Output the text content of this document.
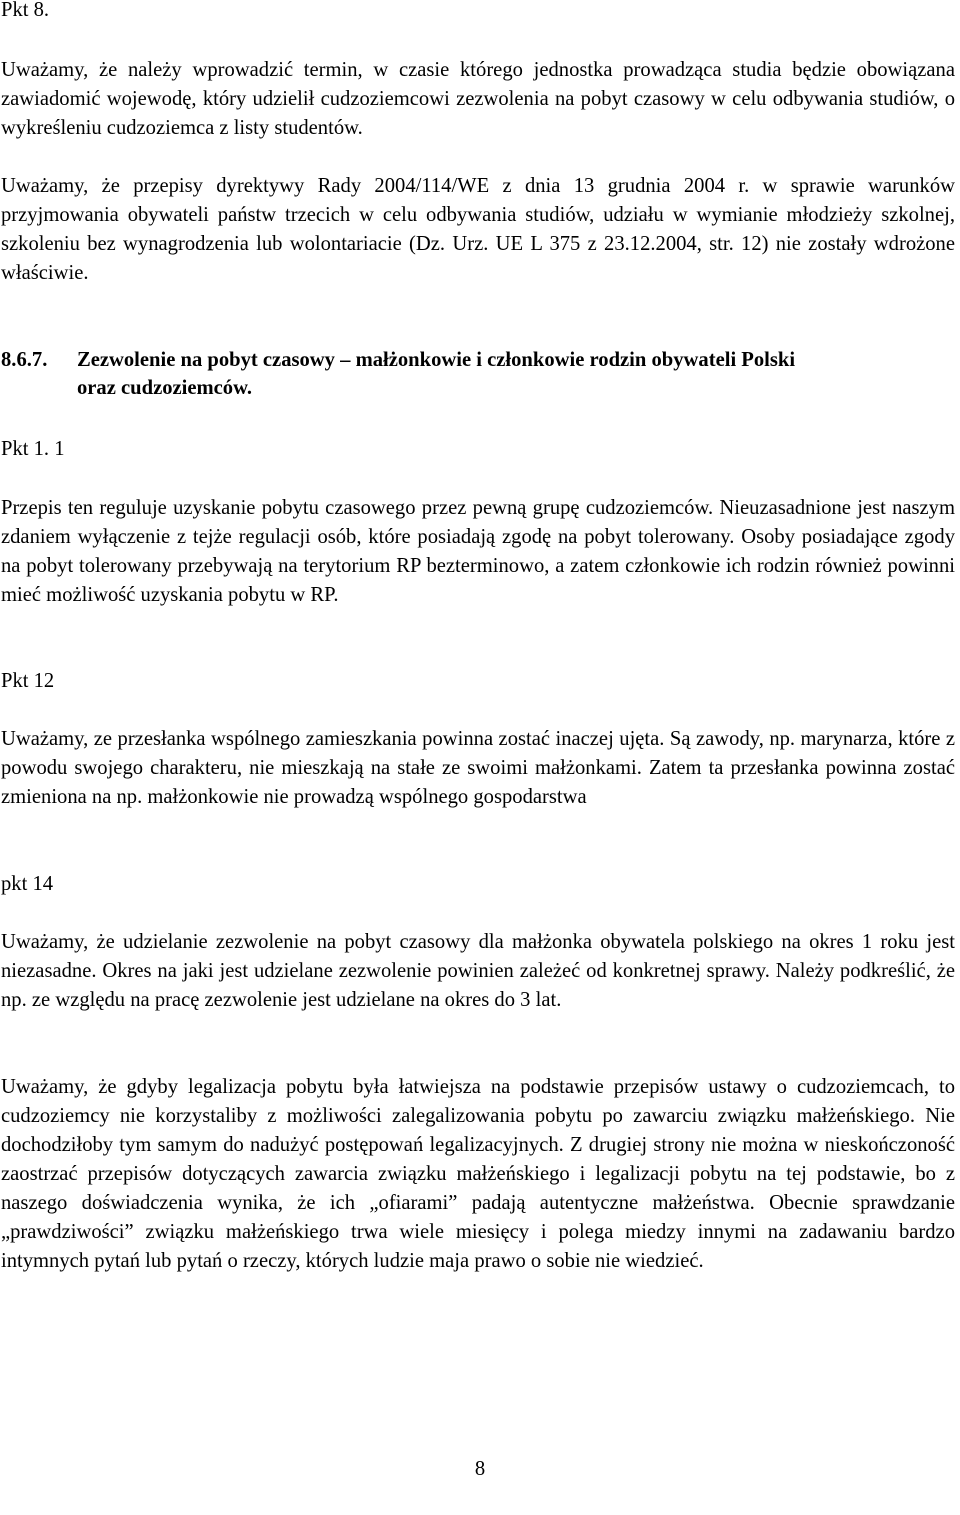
Pkt 8.

Uważamy, że należy wprowadzić termin, w czasie którego jednostka prowadząca studia będzie obowiązana zawiadomić wojewodę, który udzielił cudzoziemcowi zezwolenia na pobyt czasowy w celu odbywania studiów, o wykreśleniu cudzoziemca z listy studentów.

Uważamy, że przepisy dyrektywy Rady 2004/114/WE z dnia 13 grudnia 2004 r. w sprawie warunków przyjmowania obywateli państw trzecich w celu odbywania studiów, udziału w wymianie młodzieży szkolnej, szkoleniu bez wynagrodzenia lub wolontariacie (Dz. Urz. UE L 375 z 23.12.2004, str. 12) nie zostały wdrożone właściwie.

8.6.7. Zezwolenie na pobyt czasowy – małżonkowie i członkowie rodzin obywateli Polski
oraz cudzoziemców.

Pkt 1. 1

Przepis ten reguluje uzyskanie pobytu czasowego przez pewną grupę cudzoziemców. Nieuzasadnione jest naszym zdaniem wyłączenie z tejże regulacji osób, które posiadają zgodę na pobyt tolerowany. Osoby posiadające zgody na pobyt tolerowany przebywają na terytorium RP bezterminowo, a zatem członkowie ich rodzin również powinni mieć możliwość uzyskania pobytu w RP.

Pkt 12

Uważamy, ze przesłanka wspólnego zamieszkania powinna zostać inaczej ujęta. Są zawody, np. marynarza, które z powodu swojego charakteru, nie mieszkają na stałe ze swoimi małżonkami. Zatem ta przesłanka powinna zostać zmieniona na np. małżonkowie nie prowadzą wspólnego gospodarstwa

pkt 14

Uważamy, że udzielanie zezwolenie na pobyt czasowy dla małżonka obywatela polskiego na okres 1 roku jest niezasadne. Okres na jaki jest udzielane zezwolenie powinien zależeć od konkretnej sprawy. Należy podkreślić, że np. ze względu na pracę zezwolenie jest udzielane na okres do 3 lat.

Uważamy, że gdyby legalizacja pobytu była łatwiejsza na podstawie przepisów ustawy o cudzoziemcach, to cudzoziemcy nie korzystaliby z możliwości zalegalizowania pobytu po zawarciu związku małżeńskiego. Nie dochodziłoby tym samym do nadużyć postępowań legalizacyjnych. Z drugiej strony nie można w nieskończoność zaostrzać przepisów dotyczących zawarcia związku małżeńskiego i legalizacji pobytu na tej podstawie, bo z naszego doświadczenia wynika, że ich „ofiarami” padają autentyczne małżeństwa. Obecnie sprawdzanie „prawdziwości” związku małżeńskiego trwa wiele miesięcy i polega miedzy innymi na zadawaniu bardzo intymnych pytań lub pytań o rzeczy, których ludzie maja prawo o sobie nie wiedzieć.

8
